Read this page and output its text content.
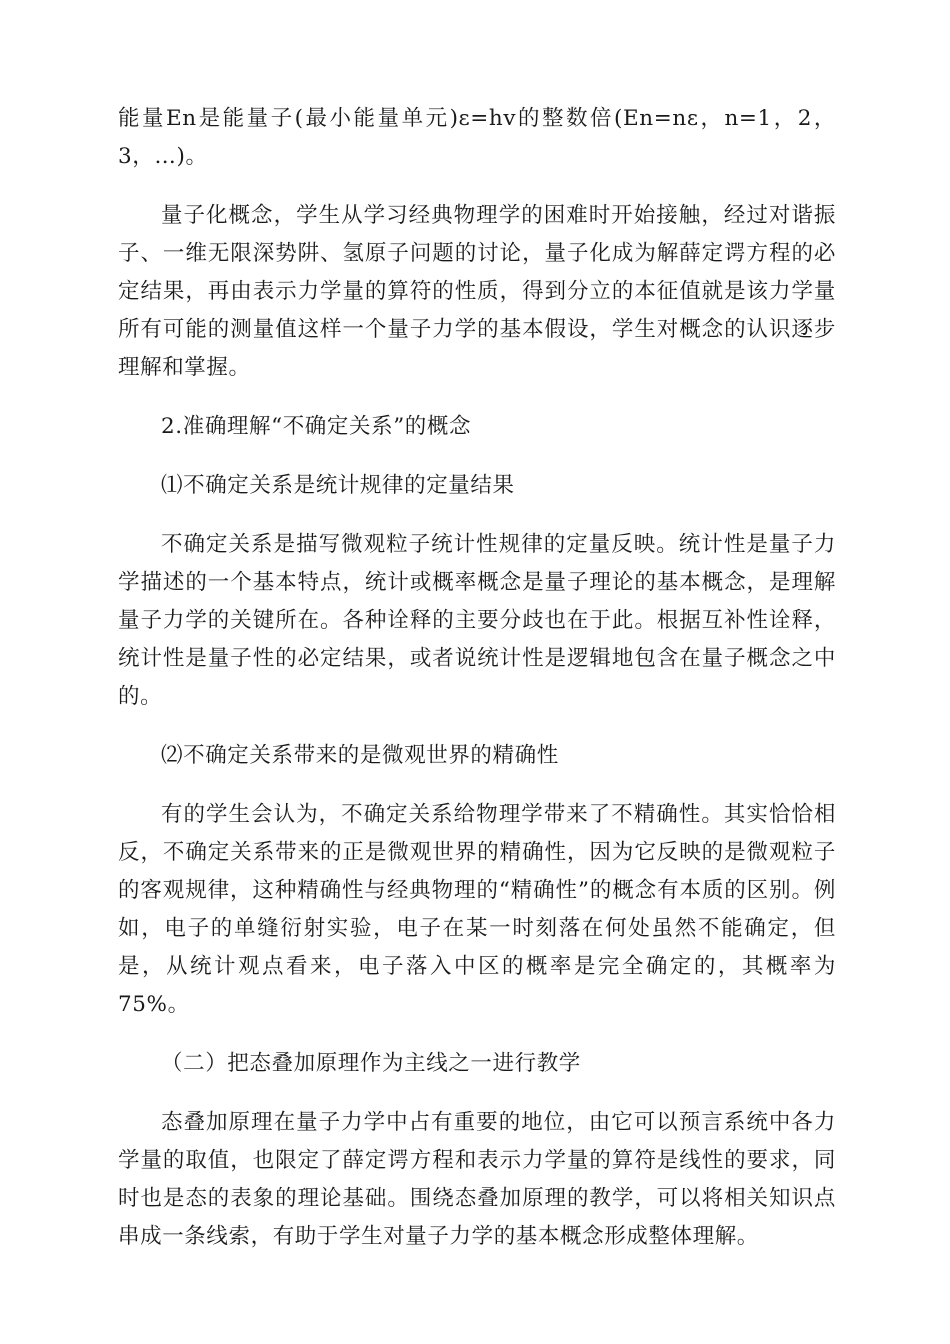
能量En是能量子(最小能量单元)ε=hv的整数倍(En=nε，n=1，2，3，…)。

量子化概念，学生从学习经典物理学的困难时开始接触，经过对谐振子、一维无限深势阱、氢原子问题的讨论，量子化成为解薛定谔方程的必定结果，再由表示力学量的算符的性质，得到分立的本征值就是该力学量所有可能的测量值这样一个量子力学的基本假设，学生对概念的认识逐步理解和掌握。

2.准确理解“不确定关系”的概念

⑴不确定关系是统计规律的定量结果

不确定关系是描写微观粒子统计性规律的定量反映。统计性是量子力学描述的一个基本特点，统计或概率概念是量子理论的基本概念，是理解量子力学的关键所在。各种诠释的主要分歧也在于此。根据互补性诠释，统计性是量子性的必定结果，或者说统计性是逻辑地包含在量子概念之中的。

⑵不确定关系带来的是微观世界的精确性

有的学生会认为，不确定关系给物理学带来了不精确性。其实恰恰相反，不确定关系带来的正是微观世界的精确性，因为它反映的是微观粒子的客观规律，这种精确性与经典物理的“精确性”的概念有本质的区别。例如，电子的单缝衍射实验，电子在某一时刻落在何处虽然不能确定，但是，从统计观点看来，电子落入中区的概率是完全确定的，其概率为75%。

（二）把态叠加原理作为主线之一进行教学

态叠加原理在量子力学中占有重要的地位，由它可以预言系统中各力学量的取值，也限定了薛定谔方程和表示力学量的算符是线性的要求，同时也是态的表象的理论基础。围绕态叠加原理的教学，可以将相关知识点串成一条线索，有助于学生对量子力学的基本概念形成整体理解。
